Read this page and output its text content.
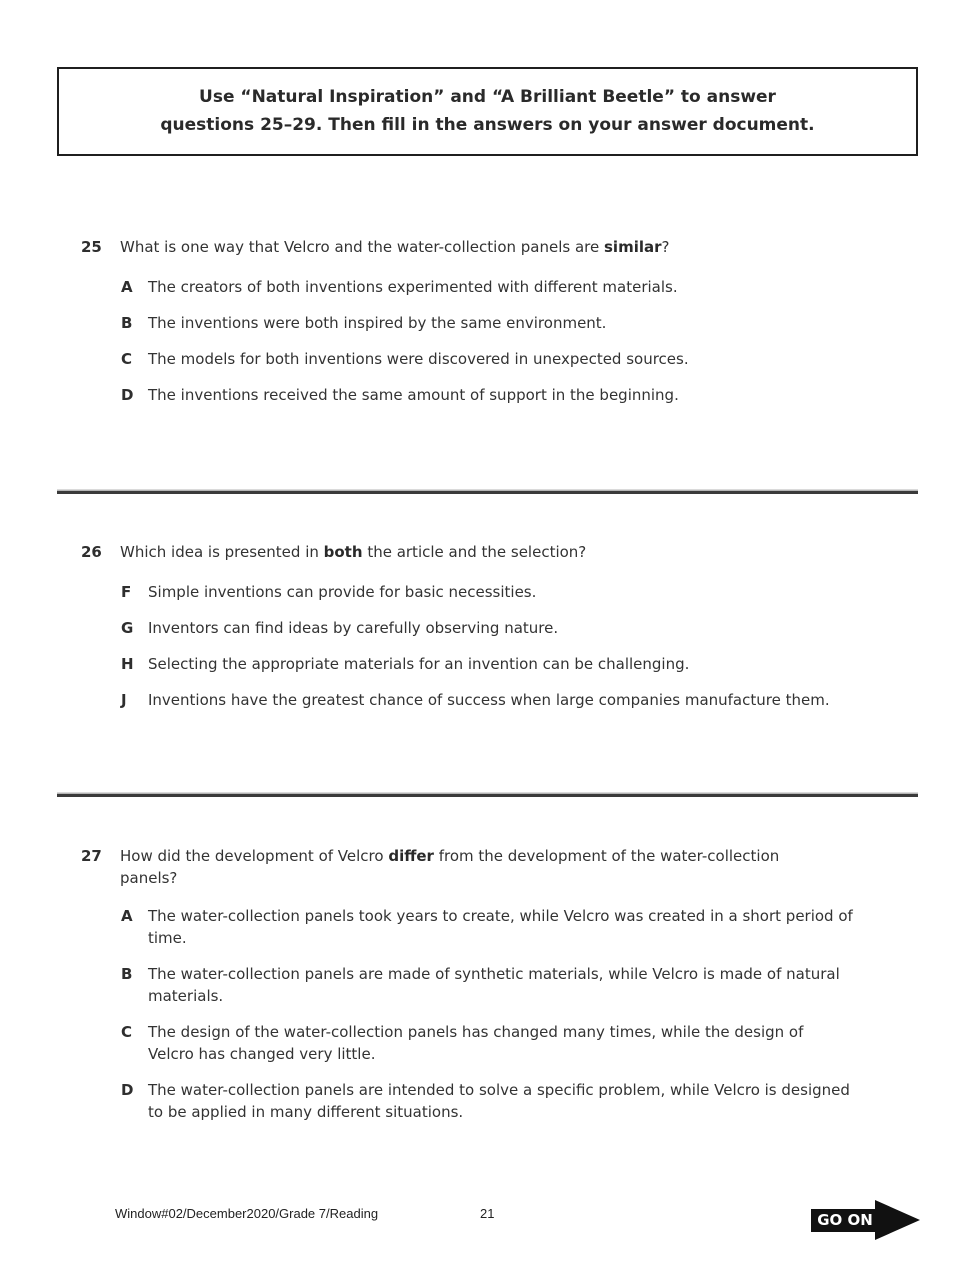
Use “Natural Inspiration” and “A Brilliant Beetle” to answer
questions 25–29. Then fill in the answers on your answer document.
25	What is one way that Velcro and the water-collection panels are similar?
A	The creators of both inventions experimented with different materials.
B	The inventions were both inspired by the same environment.
C	The models for both inventions were discovered in unexpected sources.
D The inventions received the same amount of support in the beginning.
26	Which idea is presented in both the article and the selection?
F	Simple inventions can provide for basic necessities.
G Inventors can find ideas by carefully observing nature.
H Selecting the appropriate materials for an invention can be challenging.
J	Inventions have the greatest chance of success when large companies manufacture them.
27	How did the development of Velcro differ from the development of the water-collection panels?
A	The water-collection panels took years to create, while Velcro was created in a short period of time.
B	The water-collection panels are made of synthetic materials, while Velcro is made of natural materials.
C	The design of the water-collection panels has changed many times, while the design of Velcro has changed very little.
D The water-collection panels are intended to solve a specific problem, while Velcro is designed to be applied in many different situations.
Window#02/December2020/Grade 7/Reading	21	GO ON
